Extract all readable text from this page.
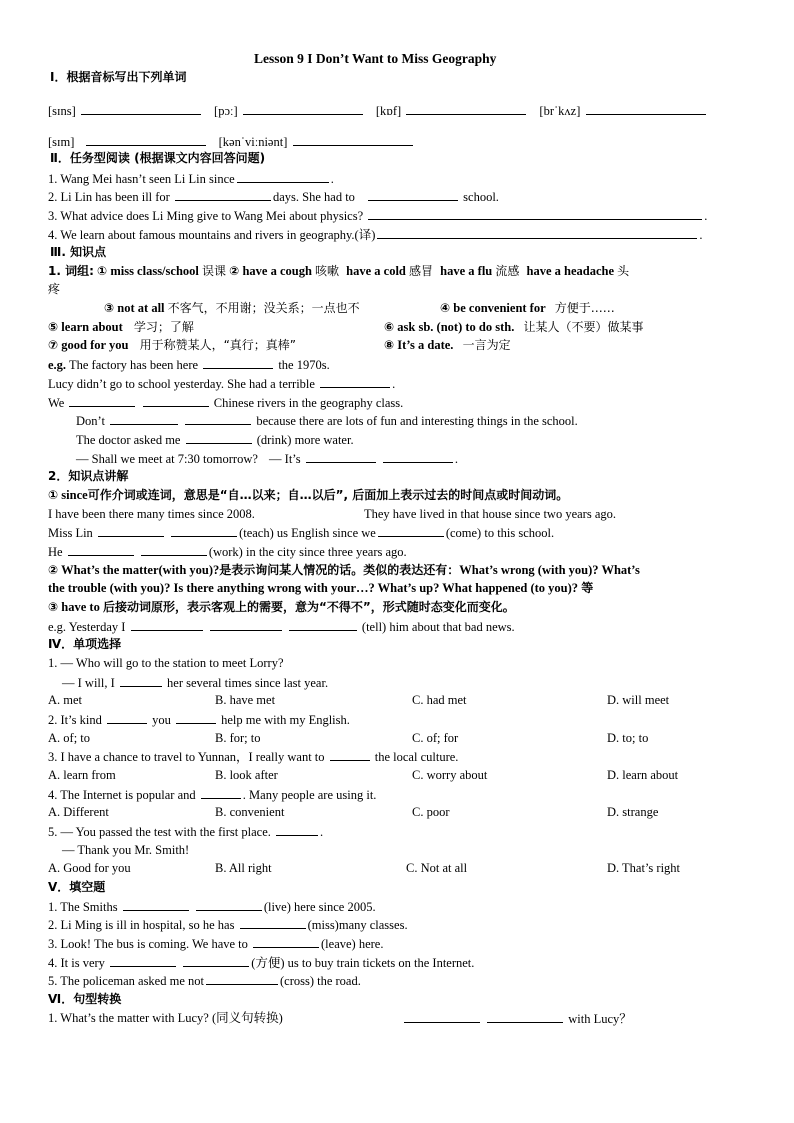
Lesson 9 I Don’t Want to Miss Geography
Ⅰ．根据音标写出下列单词
[sɪns]	[pɔː]	[kɒf]	[brˈkʌz]
[sɪm]	[kənˈviːniənt]
Ⅱ．任务型阅读 (根据课文内容回答问题)
1. Wang Mei hasn’t seen Li Lin since	.
2. Li Lin has been ill for	days. She had to	school.
3. What advice does Li Ming give to Wang Mei about physics?	.
4. We learn about famous mountains and rivers in geography.(译)	.
Ⅲ. 知识点
1. 词组: ① miss class/school 误课 ② have a cough 咳嗽 have a cold 感冒 have a flu 流感 have a headache 头
疼
③ not at all 不客气，不用谢；没关系；一点也不	④ be convenient for 方便于……
⑤ learn about 学习；了解	⑥ ask sb. (not) to do sth. 让某人（不要）做某事
⑦ good for you 用于称赞某人，“真行；真棒”	⑧ It’s a date. 一言为定
e.g. The factory has been here	the 1970s.
Lucy didn’t go to school yesterday. She had a terrible	.
We	Chinese rivers in the geography class.
Don’t	because there are lots of fun and interesting things in the school.
The doctor asked me	(drink) more water.
— Shall we meet at 7:30 tomorrow? — It’s	.
2．知识点讲解
① since可作介词或连词，意思是“自…以来；自…以后”, 后面加上表示过去的时间点或时间动词。
I have been there many times since 2008.	They have lived in that house since two years ago.
Miss Lin	(teach) us English since we	(come) to this school.
He	(work) in the city since three years ago.
② What’s the matter(with you)?是表示询问某人情况的话。类似的表达还有：What’s wrong (with you)? What’s
the trouble (with you)? Is there anything wrong with your…? What’s up? What happened (to you)? 等
③ have to 后接动词原形，表示客观上的需要，意为“不得不”，形式随时态变化而变化。
e.g. Yesterday I	(tell) him about that bad news.
Ⅳ．单项选择
1. — Who will go to the station to meet Lorry?
— I will, I	her several times since last year.
A. met	B. have met	C. had met	D. will meet
2. It’s kind	you	help me with my English.
A. of; to	B. for; to	C. of; for	D. to; to
3. I have a chance to travel to Yunnan，I really want to	the local culture.
A. learn from	B. look after	C. worry about	D. learn about
4. The Internet is popular and	. Many people are using it.
A. Different	B. convenient	C. poor	D. strange
5. — You passed the test with the first place.	.
— Thank you Mr. Smith!
A. Good for you	B. All right	C. Not at all	D. That’s right
Ⅴ．填空题
1. The Smiths	(live) here since 2005.
2. Li Ming is ill in hospital, so he has	(miss)many classes.
3. Look! The bus is coming. We have to	(leave) here.
4. It is very	(方便) us to buy train tickets on the Internet.
5. The policeman asked me not	(cross) the road.
Ⅵ．句型转换
1. What’s the matter with Lucy? (同义句转换)	with Lucy？
